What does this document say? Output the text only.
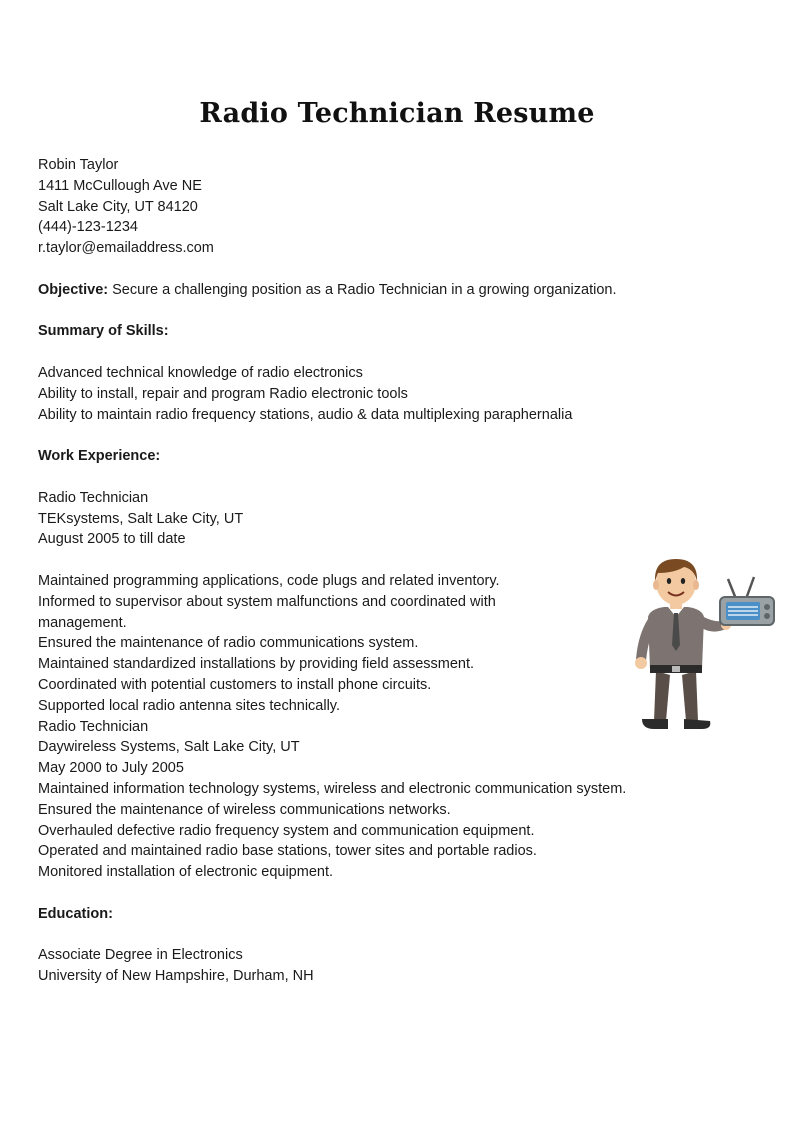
Radio Technician Resume
Robin Taylor
1411 McCullough Ave NE
Salt Lake City, UT 84120
(444)-123-1234
r.taylor@emailaddress.com
Objective: Secure a challenging position as a Radio Technician in a growing organization.
Summary of Skills:
Advanced technical knowledge of radio electronics
Ability to install, repair and program Radio electronic tools
Ability to maintain radio frequency stations, audio & data multiplexing paraphernalia
Work Experience:
Radio Technician
TEKsystems, Salt Lake City, UT
August 2005 to till date
Maintained programming applications, code plugs and related inventory.
Informed to supervisor about system malfunctions and coordinated with management.
Ensured the maintenance of radio communications system.
Maintained standardized installations by providing field assessment.
Coordinated with potential customers to install phone circuits.
Supported local radio antenna sites technically.
Radio Technician
Daywireless Systems, Salt Lake City, UT
May 2000 to July 2005
Maintained information technology systems, wireless and electronic communication system.
Ensured the maintenance of wireless communications networks.
Overhauled defective radio frequency system and communication equipment.
Operated and maintained radio base stations, tower sites and portable radios.
Monitored installation of electronic equipment.
Education:
Associate Degree in Electronics
University of New Hampshire, Durham, NH
